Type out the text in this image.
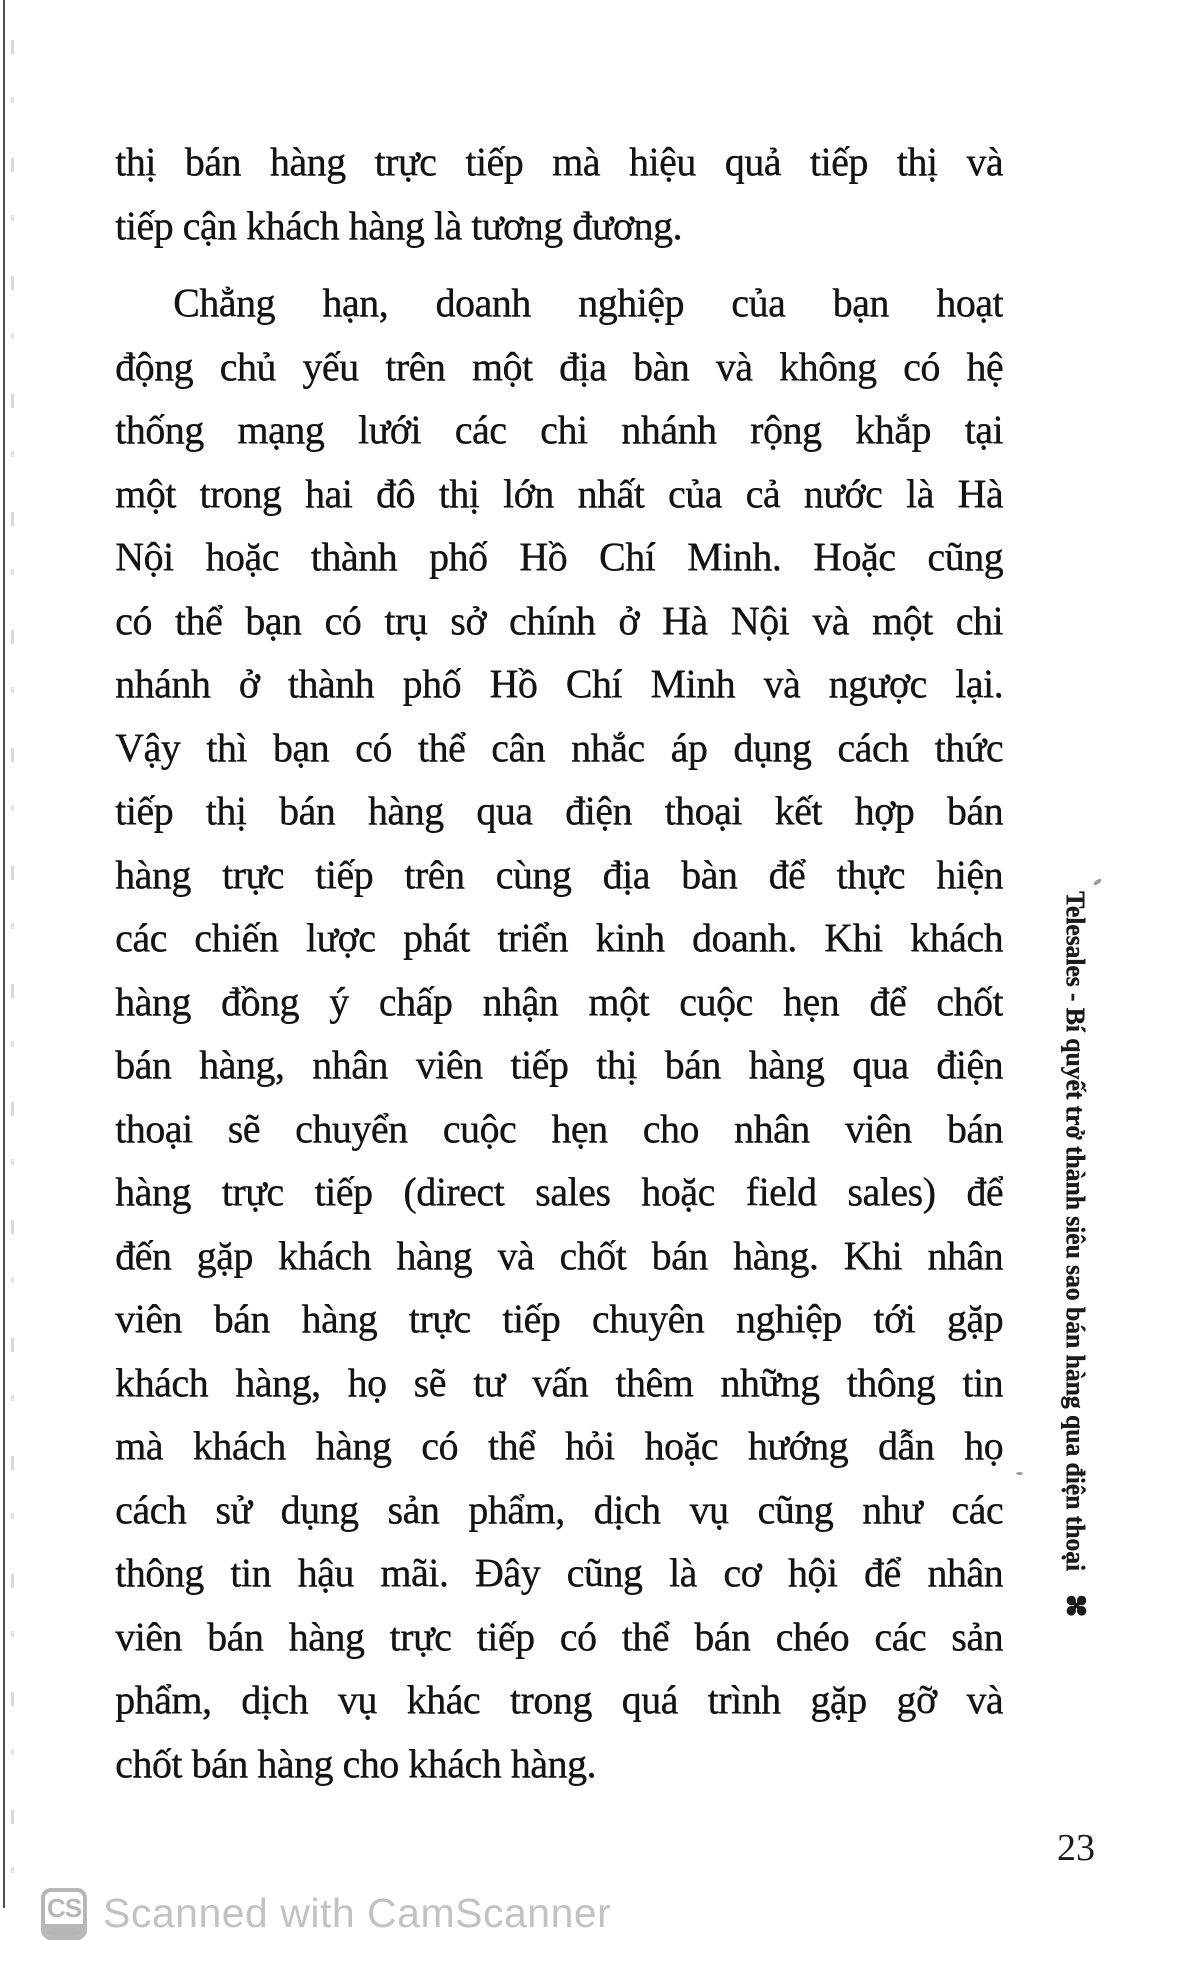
thị bán hàng trực tiếp mà hiệu quả tiếp thị và
tiếp cận khách hàng là tương đương.
Chẳng hạn, doanh nghiệp của bạn hoạt
động chủ yếu trên một địa bàn và không có hệ
thống mạng lưới các chi nhánh rộng khắp tại
một trong hai đô thị lớn nhất của cả nước là Hà
Nội hoặc thành phố Hồ Chí Minh. Hoặc cũng
có thể bạn có trụ sở chính ở Hà Nội và một chi
nhánh ở thành phố Hồ Chí Minh và ngược lại.
Vậy thì bạn có thể cân nhắc áp dụng cách thức
tiếp thị bán hàng qua điện thoại kết hợp bán
hàng trực tiếp trên cùng địa bàn để thực hiện
các chiến lược phát triển kinh doanh. Khi khách
hàng đồng ý chấp nhận một cuộc hẹn để chốt
bán hàng, nhân viên tiếp thị bán hàng qua điện
thoại sẽ chuyển cuộc hẹn cho nhân viên bán
hàng trực tiếp (direct sales hoặc field sales) để
đến gặp khách hàng và chốt bán hàng. Khi nhân
viên bán hàng trực tiếp chuyên nghiệp tới gặp
khách hàng, họ sẽ tư vấn thêm những thông tin
mà khách hàng có thể hỏi hoặc hướng dẫn họ
cách sử dụng sản phẩm, dịch vụ cũng như các
thông tin hậu mãi. Đây cũng là cơ hội để nhân
viên bán hàng trực tiếp có thể bán chéo các sản
phẩm, dịch vụ khác trong quá trình gặp gỡ và
chốt bán hàng cho khách hàng.
Telesales - Bí quyết trở thành siêu sao bán hàng qua điện thoại ✤
23
CS Scanned with CamScanner
